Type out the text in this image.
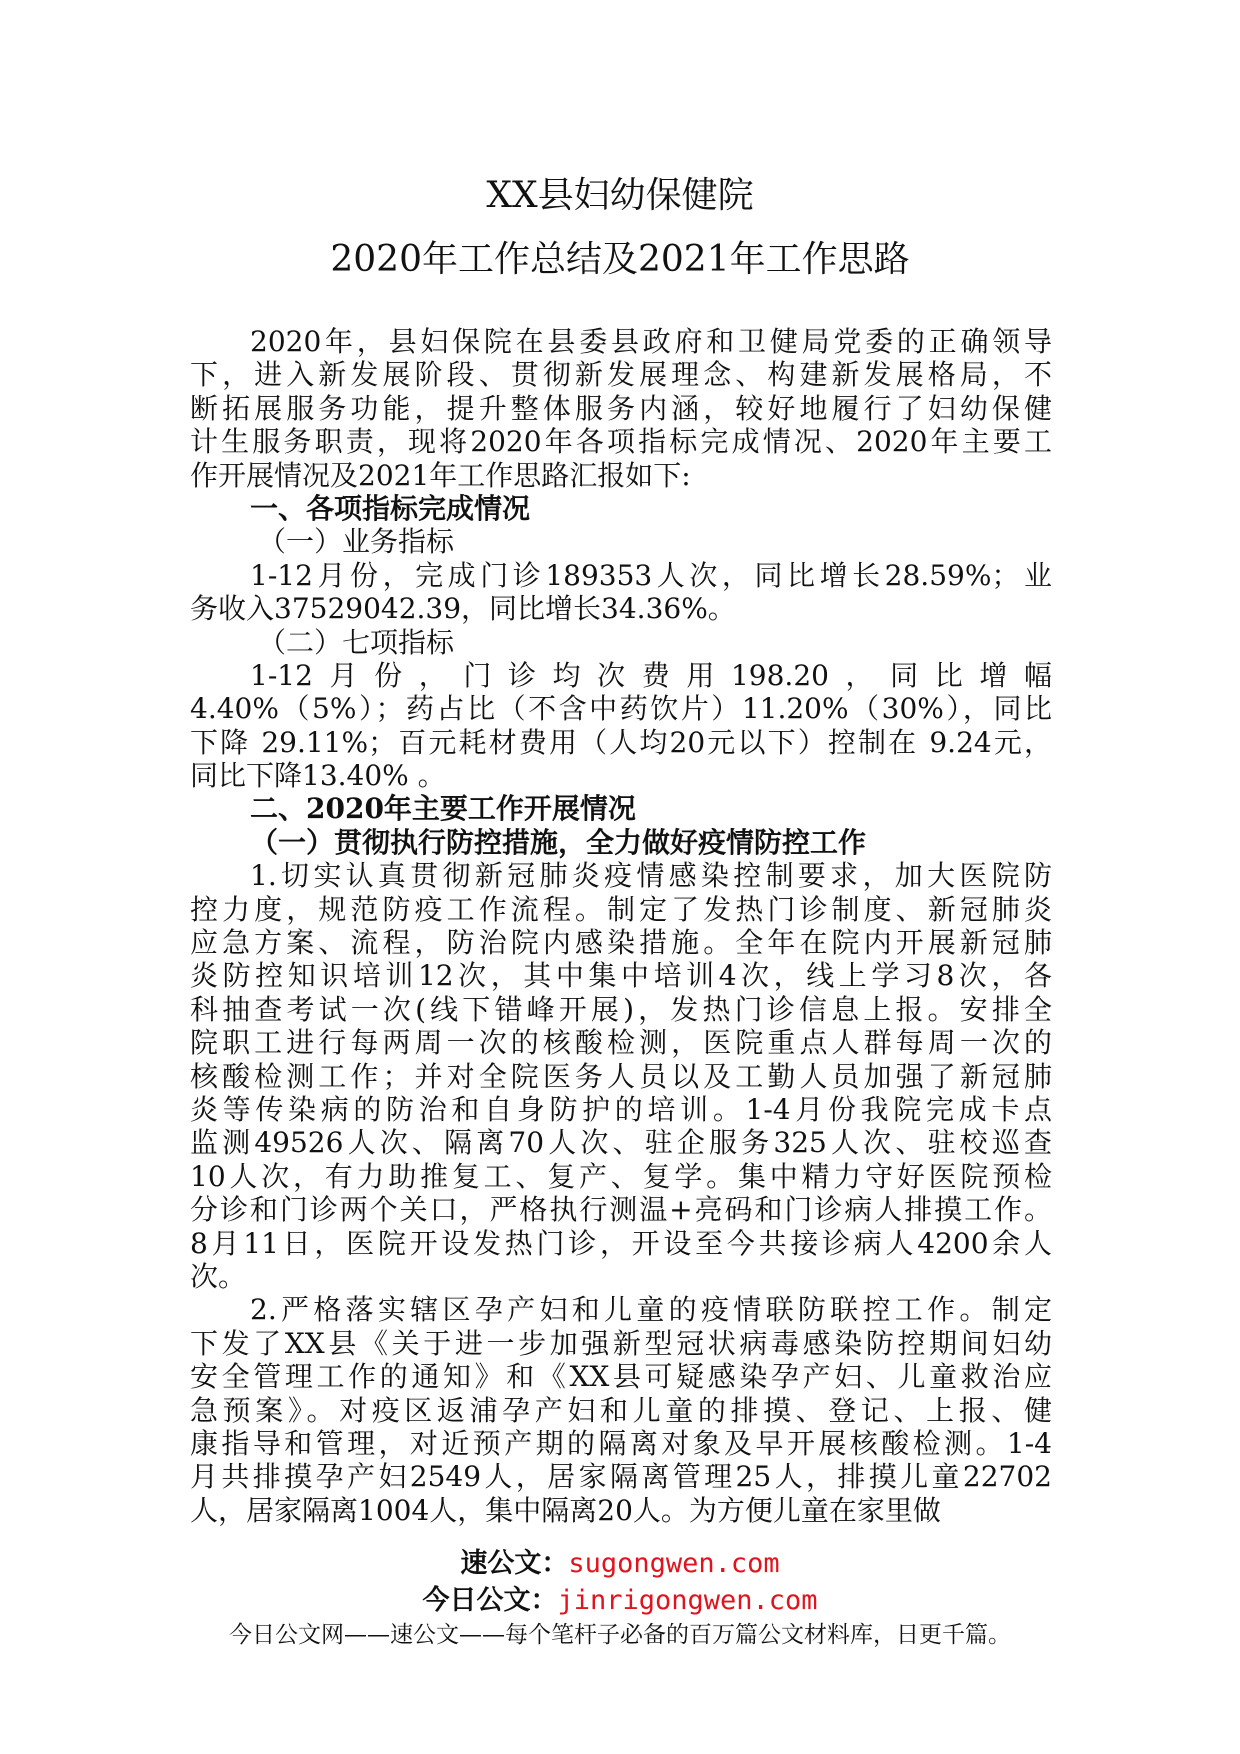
XX县妇幼保健院
2020年工作总结及2021年工作思路
2020年，县妇保院在县委县政府和卫健局党委的正确领导
下，进入新发展阶段、贯彻新发展理念、构建新发展格局，不
断拓展服务功能，提升整体服务内涵，较好地履行了妇幼保健
计生服务职责，现将2020年各项指标完成情况、2020年主要工
作开展情况及2021年工作思路汇报如下:
一、各项指标完成情况
（一）业务指标
1-12月份，完成门诊189353人次，同比增长28.59%；业
务收入37529042.39，同比增长34.36%。
（二）七项指标
1-12月份，门诊均次费用198.20，同比增幅
4.40%（5%）；药占比（不含中药饮片）11.20%（30%），同比
下降 29.11%；百元耗材费用（人均20元以下）控制在 9.24元，
同比下降13.40% 。
二、2020年主要工作开展情况
（一）贯彻执行防控措施，全力做好疫情防控工作
1.切实认真贯彻新冠肺炎疫情感染控制要求，加大医院防
控力度，规范防疫工作流程。制定了发热门诊制度、新冠肺炎
应急方案、流程，防治院内感染措施。全年在院内开展新冠肺
炎防控知识培训12次，其中集中培训4次，线上学习8次，各
科抽查考试一次(线下错峰开展)，发热门诊信息上报。安排全
院职工进行每两周一次的核酸检测，医院重点人群每周一次的
核酸检测工作；并对全院医务人员以及工勤人员加强了新冠肺
炎等传染病的防治和自身防护的培训。1-4月份我院完成卡点
监测49526人次、隔离70人次、驻企服务325人次、驻校巡查
10人次，有力助推复工、复产、复学。集中精力守好医院预检
分诊和门诊两个关口，严格执行测温+亮码和门诊病人排摸工作。
8月11日，医院开设发热门诊，开设至今共接诊病人4200余人
次。
2.严格落实辖区孕产妇和儿童的疫情联防联控工作。制定
下发了XX县《关于进一步加强新型冠状病毒感染防控期间妇幼
安全管理工作的通知》和《XX县可疑感染孕产妇、儿童救治应
急预案》。对疫区返浦孕产妇和儿童的排摸、登记、上报、健
康指导和管理，对近预产期的隔离对象及早开展核酸检测。1-4
月共排摸孕产妇2549人，居家隔离管理25人，排摸儿童22702
人，居家隔离1004人，集中隔离20人。为方便儿童在家里做
速公文：sugongwen.com
今日公文：jinrigongwen.com
今日公文网——速公文——每个笔杆子必备的百万篇公文材料库，日更千篇。
